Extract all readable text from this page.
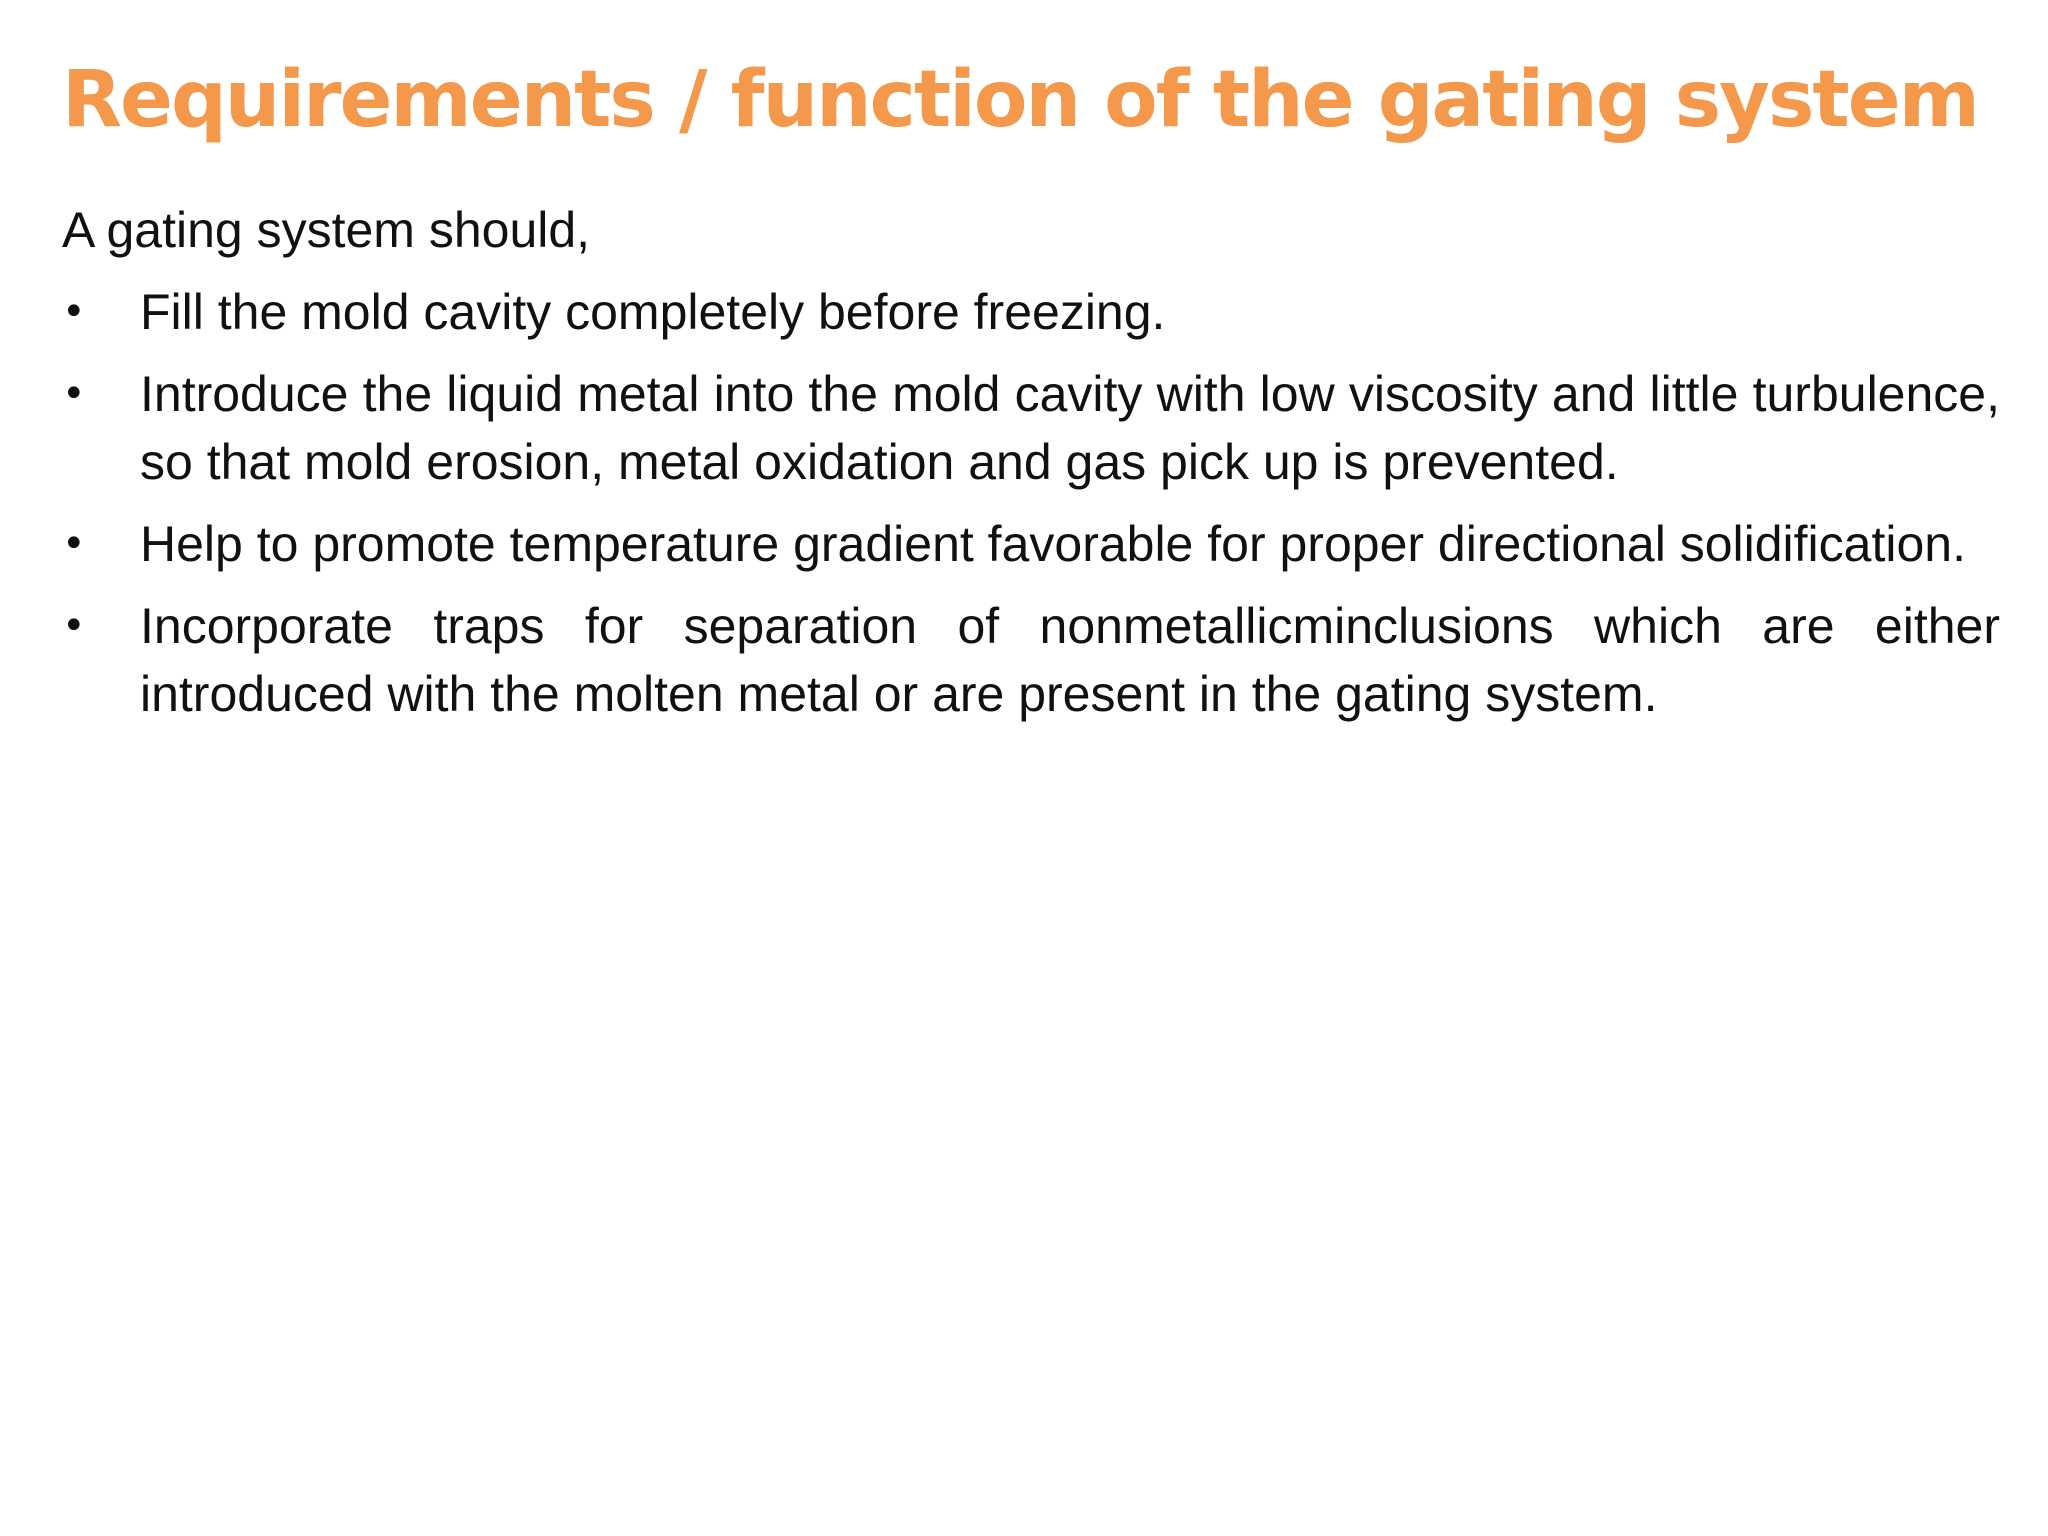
Requirements / function of the gating system

A gating system should,

•	Fill the mold cavity completely before freezing.
•	Introduce the liquid metal into the mold cavity with low viscosity and little turbulence, so that mold erosion, metal oxidation and gas pick up is prevented.
•	Help to promote temperature gradient favorable for proper directional solidification.
•	Incorporate traps for separation of nonmetallicminclusions which are either introduced with the molten metal or are present in the gating system.
